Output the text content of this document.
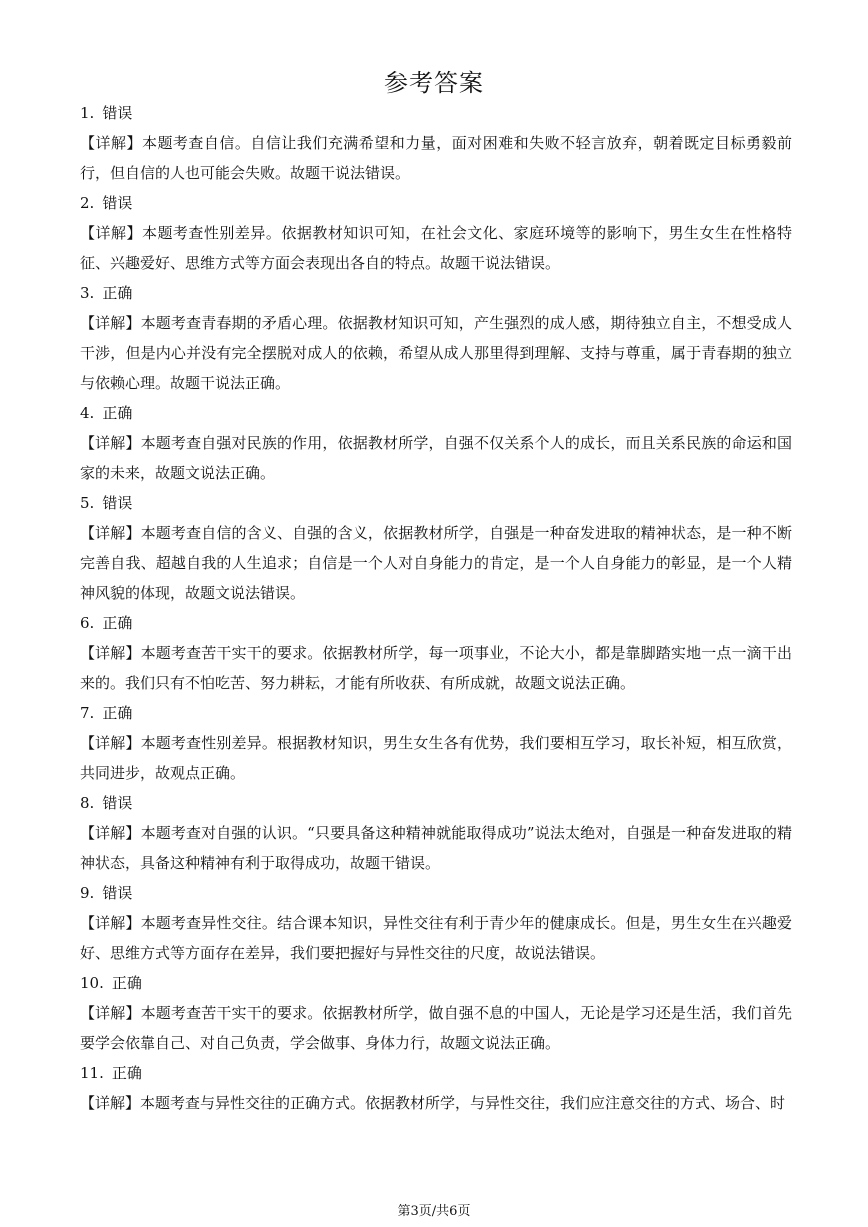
参考答案
1. 错误
【详解】本题考查自信。自信让我们充满希望和力量，面对困难和失败不轻言放弃，朝着既定目标勇毅前行，但自信的人也可能会失败。故题干说法错误。
2. 错误
【详解】本题考查性别差异。依据教材知识可知，在社会文化、家庭环境等的影响下，男生女生在性格特征、兴趣爱好、思维方式等方面会表现出各自的特点。故题干说法错误。
3. 正确
【详解】本题考查青春期的矛盾心理。依据教材知识可知，产生强烈的成人感，期待独立自主，不想受成人干涉，但是内心并没有完全摆脱对成人的依赖，希望从成人那里得到理解、支持与尊重，属于青春期的独立与依赖心理。故题干说法正确。
4. 正确
【详解】本题考查自强对民族的作用，依据教材所学，自强不仅关系个人的成长，而且关系民族的命运和国家的未来，故题文说法正确。
5. 错误
【详解】本题考查自信的含义、自强的含义，依据教材所学，自强是一种奋发进取的精神状态，是一种不断完善自我、超越自我的人生追求；自信是一个人对自身能力的肯定，是一个人自身能力的彰显，是一个人精神风貌的体现，故题文说法错误。
6. 正确
【详解】本题考查苦干实干的要求。依据教材所学，每一项事业，不论大小，都是靠脚踏实地一点一滴干出来的。我们只有不怕吃苦、努力耕耘，才能有所收获、有所成就，故题文说法正确。
7. 正确
【详解】本题考查性别差异。根据教材知识，男生女生各有优势，我们要相互学习，取长补短，相互欣赏，共同进步，故观点正确。
8. 错误
【详解】本题考查对自强的认识。“只要具备这种精神就能取得成功”说法太绝对，自强是一种奋发进取的精神状态，具备这种精神有利于取得成功，故题干错误。
9. 错误
【详解】本题考查异性交往。结合课本知识，异性交往有利于青少年的健康成长。但是，男生女生在兴趣爱好、思维方式等方面存在差异，我们要把握好与异性交往的尺度，故说法错误。
10. 正确
【详解】本题考查苦干实干的要求。依据教材所学，做自强不息的中国人，无论是学习还是生活，我们首先要学会依靠自己、对自己负责，学会做事、身体力行，故题文说法正确。
11. 正确
【详解】本题考查与异性交往的正确方式。依据教材所学，与异性交往，我们应注意交往的方式、场合、时
第3页/共6页
